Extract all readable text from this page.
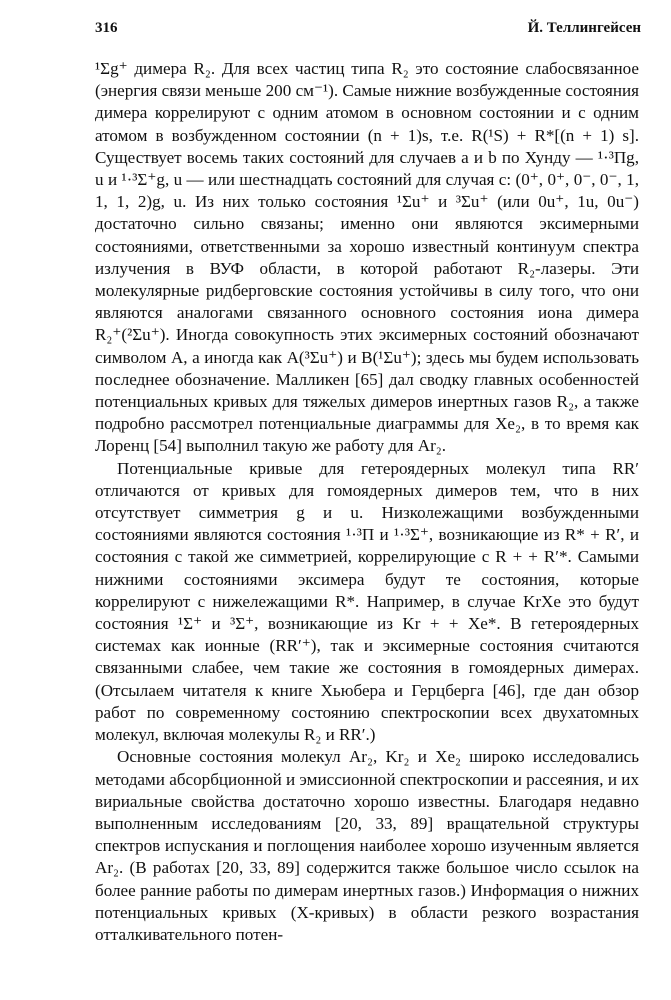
316	Й. Теллингейсен

¹Σg⁺ димера R₂. Для всех частиц типа R₂ это состояние слабосвязанное (энергия связи меньше 200 см⁻¹). Самые нижние возбужденные состояния димера коррелируют с одним атомом в основном состоянии и с одним атомом в возбужденном состоянии (n + 1)s, т.е. R(¹S) + R*[(n + 1) s]. Существует восемь таких состояний для случаев a и b по Хунду — ¹·³Πg, u и ¹·³Σ⁺g, u — или шестнадцать состояний для случая c: (0⁺, 0⁺, 0⁻, 0⁻, 1, 1, 1, 2)g, u. Из них только состояния ¹Σu⁺ и ³Σu⁺ (или 0u⁺, 1u, 0u⁻) достаточно сильно связаны; именно они являются эксимерными состояниями, ответственными за хорошо известный континуум спектра излучения в ВУФ области, в которой работают R₂-лазеры. Эти молекулярные ридберговские состояния устойчивы в силу того, что они являются аналогами связанного основного состояния иона димера R₂⁺(²Σu⁺). Иногда совокупность этих эксимерных состояний обозначают символом A, а иногда как A(³Σu⁺) и B(¹Σu⁺); здесь мы будем использовать последнее обозначение. Малликен [65] дал сводку главных особенностей потенциальных кривых для тяжелых димеров инертных газов R₂, а также подробно рассмотрел потенциальные диаграммы для Xe₂, в то время как Лоренц [54] выполнил такую же работу для Ar₂.

Потенциальные кривые для гетероядерных молекул типа RR′ отличаются от кривых для гомоядерных димеров тем, что в них отсутствует симметрия g и u. Низколежащими возбужденными состояниями являются состояния ¹·³Π и ¹·³Σ⁺, возникающие из R* + R′, и состояния с такой же симметрией, коррелирующие с R + + R′*. Самыми нижними состояниями эксимера будут те состояния, которые коррелируют с нижележащими R*. Например, в случае KrXe это будут состояния ¹Σ⁺ и ³Σ⁺, возникающие из Kr + + Xe*. В гетероядерных системах как ионные (RR′⁺), так и эксимерные состояния считаются связанными слабее, чем такие же состояния в гомоядерных димерах. (Отсылаем читателя к книге Хьюбера и Герцберга [46], где дан обзор работ по современному состоянию спектроскопии всех двухатомных молекул, включая молекулы R₂ и RR′.)

Основные состояния молекул Ar₂, Kr₂ и Xe₂ широко исследовались методами абсорбционной и эмиссионной спектроскопии и рассеяния, и их вириальные свойства достаточно хорошо известны. Благодаря недавно выполненным исследованиям [20, 33, 89] вращательной структуры спектров испускания и поглощения наиболее хорошо изученным является Ar₂. (В работах [20, 33, 89] содержится также большое число ссылок на более ранние работы по димерам инертных газов.) Информация о нижних потенциальных кривых (X-кривых) в области резкого возрастания отталкивательного потен-
